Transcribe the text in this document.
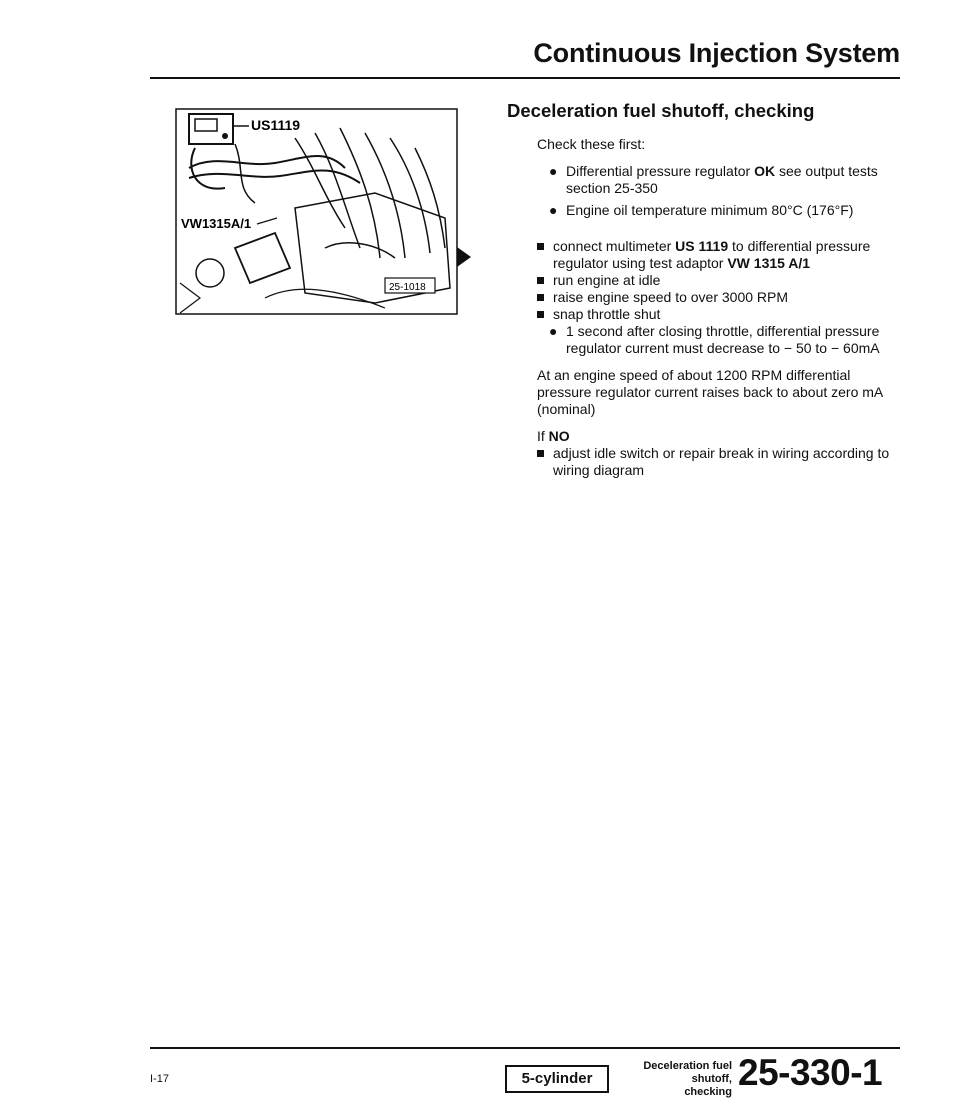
Continuous Injection System
US1119
VW1315A/1
25-1018
Deceleration fuel shutoff, checking
Check these first:
● Differential pressure regulator OK see output tests section 25-350
● Engine oil temperature minimum 80°C (176°F)
connect multimeter US 1119 to differential pressure regulator using test adaptor VW 1315 A/1
run engine at idle
raise engine speed to over 3000 RPM
snap throttle shut
● 1 second after closing throttle, differential pressure regulator current must decrease to − 50 to − 60mA
At an engine speed of about 1200 RPM differential pressure regulator current raises back to about zero mA (nominal)
If NO
adjust idle switch or repair break in wiring according to wiring diagram
I-17	5-cylinder
Deceleration fuel shutoff,
checking 25-330-1
